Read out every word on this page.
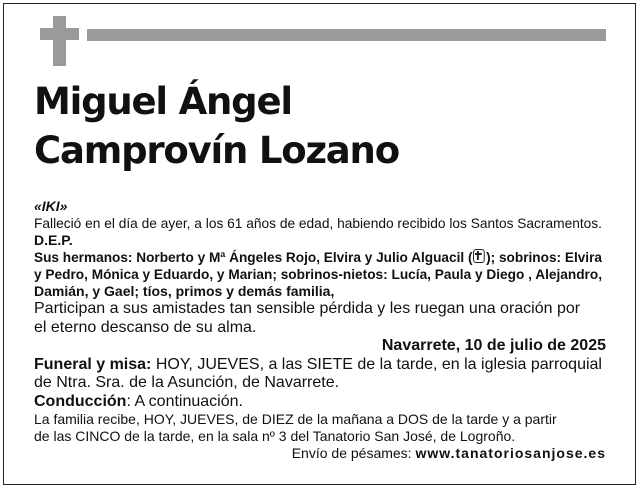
Miguel Ángel
Camprovín Lozano
«IKI»
Falleció en el día de ayer, a los 61 años de edad, habiendo recibido los Santos Sacramentos.
D.E.P.
Sus hermanos: Norberto y Mª Ángeles Rojo, Elvira y Julio Alguacil ( ); sobrinos: Elvira
y Pedro, Mónica y Eduardo, y Marian; sobrinos-nietos: Lucía, Paula y Diego , Alejandro,
Damián, y Gael; tíos, primos y demás familia,
Participan a sus amistades tan sensible pérdida y les ruegan una oración por
el eterno descanso de su alma.
Navarrete, 10 de julio de 2025
Funeral y misa: HOY, JUEVES, a las SIETE de la tarde, en la iglesia parroquial
de Ntra. Sra. de la Asunción, de Navarrete.
Conducción: A continuación.
La familia recibe, HOY, JUEVES, de DIEZ de la mañana a DOS de la tarde y a partir
de las CINCO de la tarde, en la sala nº 3 del Tanatorio San José, de Logroño.
Envío de pésames: www.tanatoriosanjose.es
